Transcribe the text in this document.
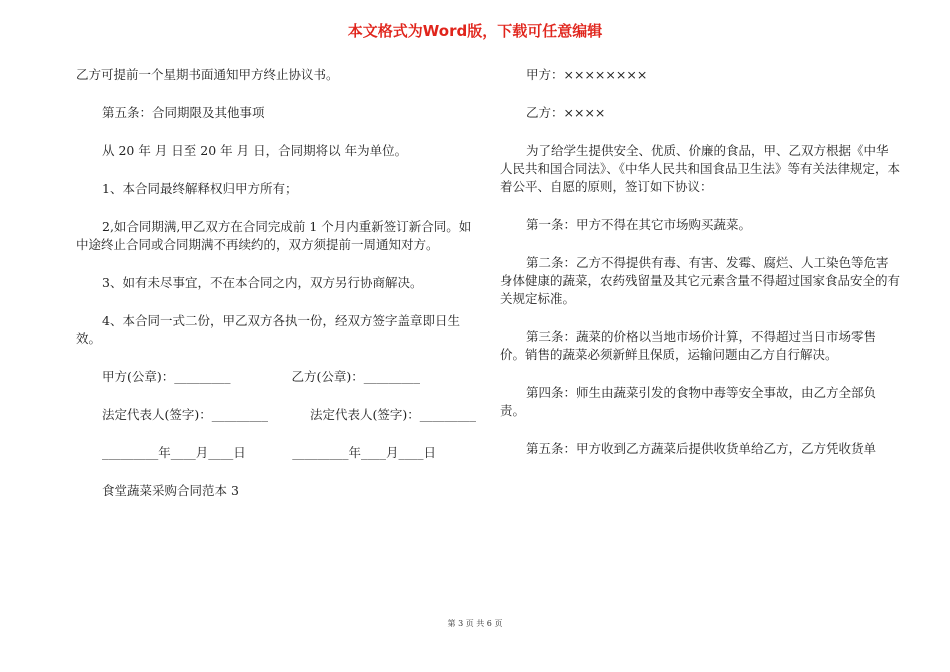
本文格式为Word版，下载可任意编辑

乙方可提前一个星期书面通知甲方终止协议书。

第五条：合同期限及其他事项

从 20 年 月 日至 20 年 月 日，合同期将以 年为单位。

1、本合同最终解释权归甲方所有；

2,如合同期满,甲乙双方在合同完成前 1 个月内重新签订新合同。如中途终止合同或合同期满不再续约的，双方须提前一周通知对方。

3、如有未尽事宜，不在本合同之内，双方另行协商解决。

4、本合同一式二份，甲乙双方各执一份，经双方签字盖章即日生效。

甲方(公章)：_________	乙方(公章)：_________
法定代表人(签字)：_________	法定代表人(签字)：_________
_________年____月____日	_________年____月____日

食堂蔬菜采购合同范本 3

甲方：××××××××

乙方：××××

为了给学生提供安全、优质、价廉的食品，甲、乙双方根据《中华人民共和国合同法》、《中华人民共和国食品卫生法》等有关法律规定，本着公平、自愿的原则，签订如下协议：

第一条：甲方不得在其它市场购买蔬菜。

第二条：乙方不得提供有毒、有害、发霉、腐烂、人工染色等危害身体健康的蔬菜，农药残留量及其它元素含量不得超过国家食品安全的有关规定标准。

第三条：蔬菜的价格以当地市场价计算，不得超过当日市场零售价。销售的蔬菜必须新鲜且保质，运输问题由乙方自行解决。

第四条：师生由蔬菜引发的食物中毒等安全事故，由乙方全部负责。

第五条：甲方收到乙方蔬菜后提供收货单给乙方，乙方凭收货单

第 3 页 共 6 页
